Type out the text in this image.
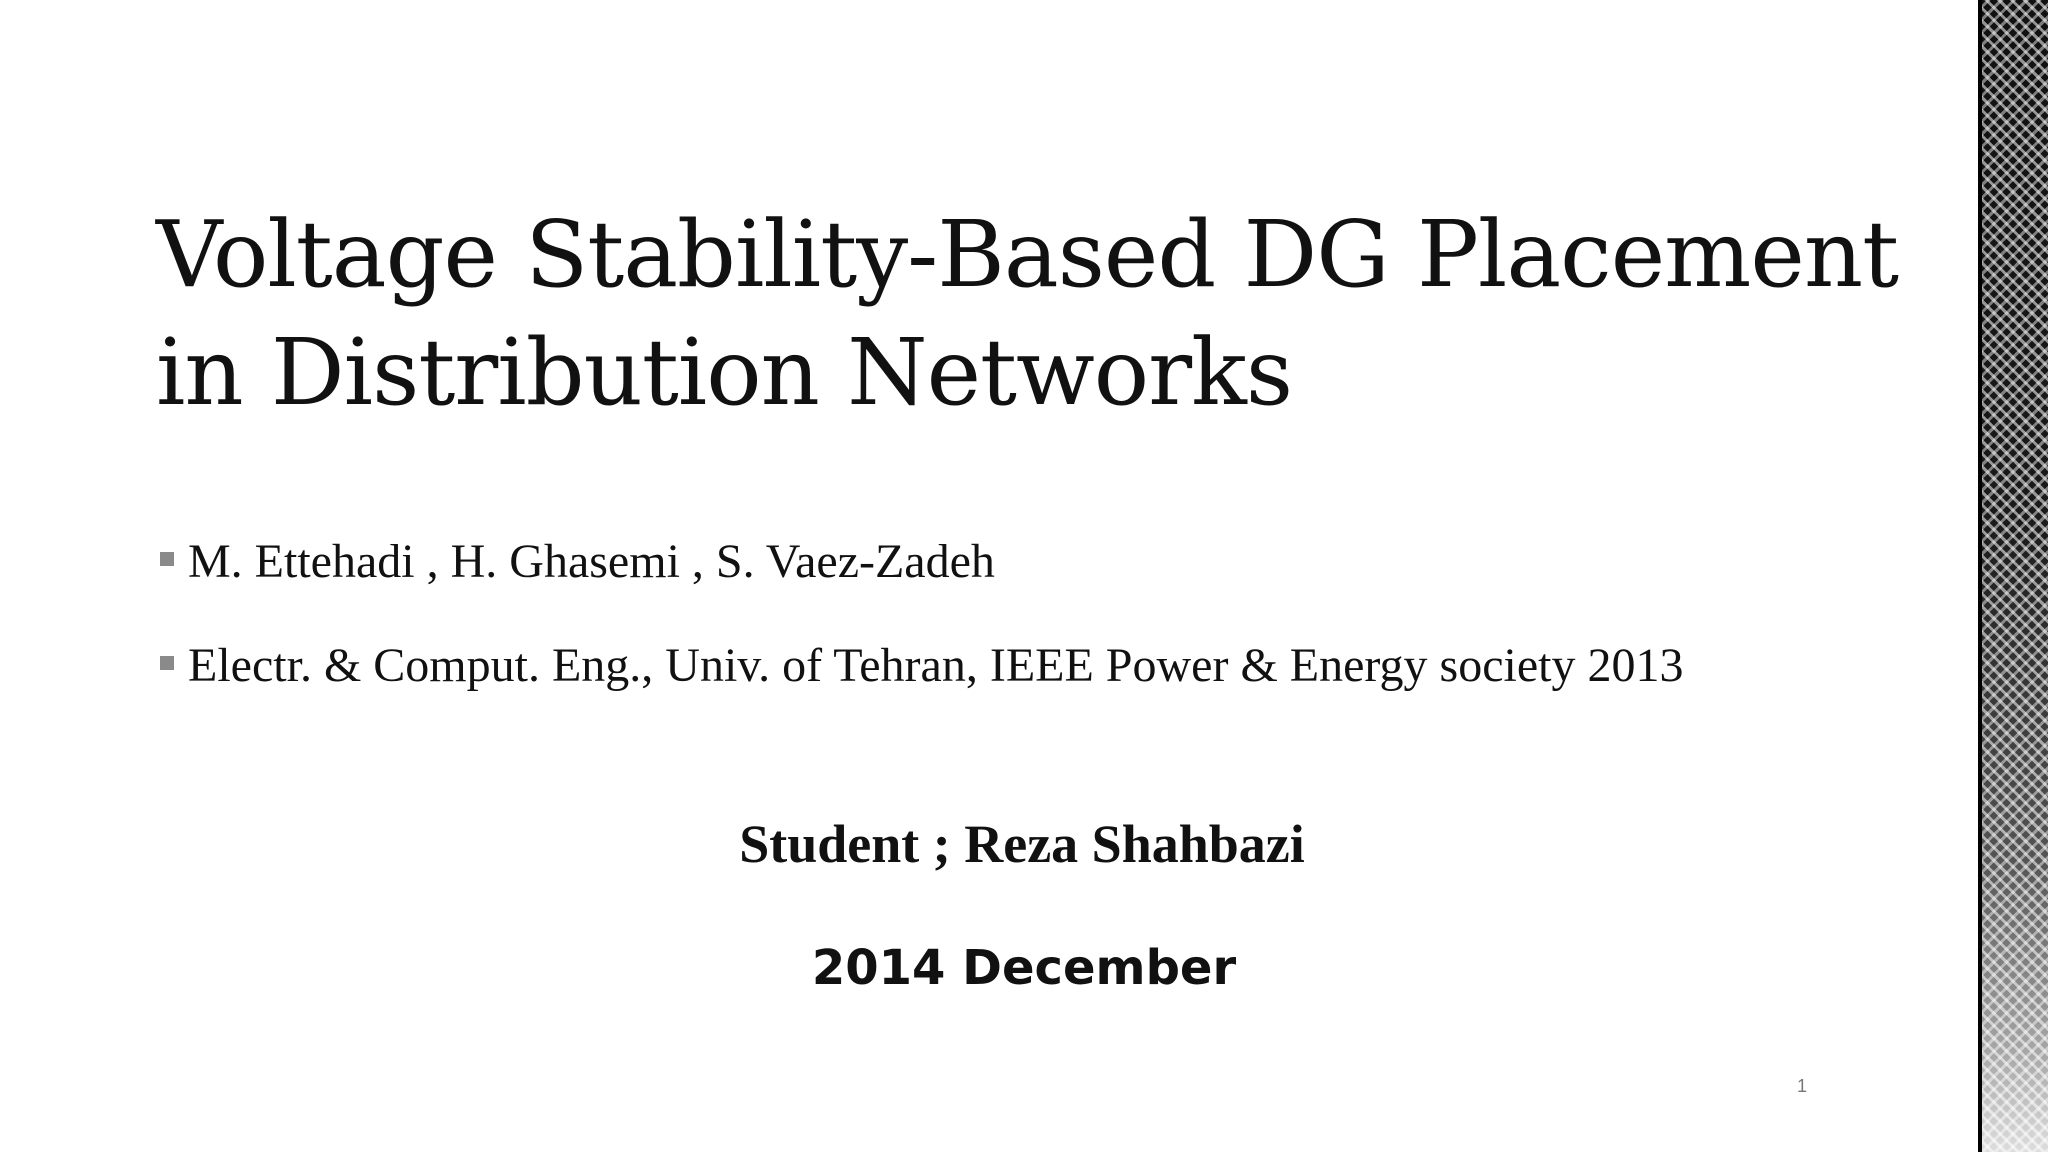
Voltage Stability-Based DG Placement
in Distribution Networks
M. Ettehadi , H. Ghasemi , S. Vaez-Zadeh
Electr. & Comput. Eng., Univ. of Tehran, IEEE Power & Energy society 2013
Student ; Reza Shahbazi
2014 December
1
